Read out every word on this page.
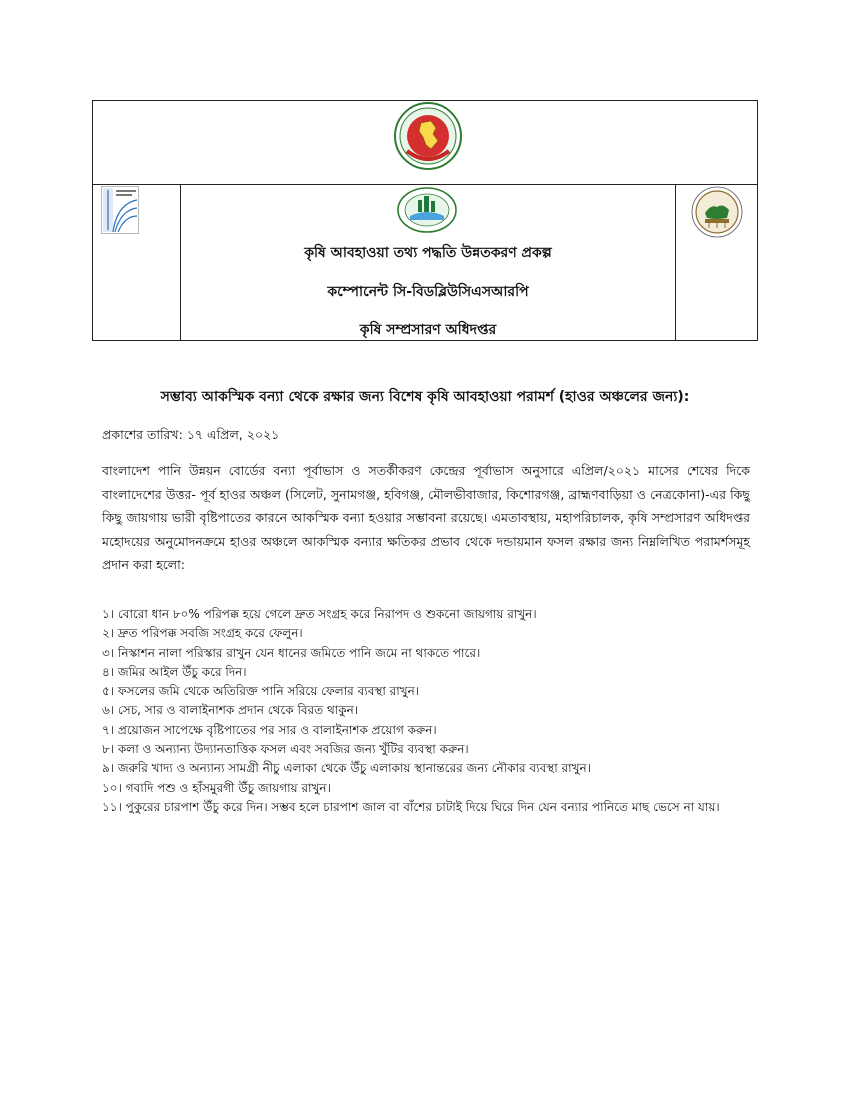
কৃষি আবহাওয়া তথ্য পদ্ধতি উন্নতকরণ প্রকল্প
কম্পোনেন্ট সি-বিডব্লিউসিএসআরপি
কৃষি সম্প্রসারণ অধিদপ্তর
সম্ভাব্য আকস্মিক বন্যা থেকে রক্ষার জন্য বিশেষ কৃষি আবহাওয়া পরামর্শ (হাওর অঞ্চলের জন্য):
প্রকাশের তারিখ: ১৭ এপ্রিল, ২০২১
বাংলাদেশ পানি উন্নয়ন বোর্ডের বন্যা পূর্বাভাস ও সতর্কীকরণ কেন্দ্রের পূর্বাভাস অনুসারে এপ্রিল/২০২১ মাসের শেষের দিকে বাংলাদেশের উত্তর- পূর্ব হাওর অঞ্চল (সিলেট, সুনামগঞ্জ, হবিগঞ্জ, মৌলভীবাজার, কিশোরগঞ্জ, ব্রাহ্মণবাড়িয়া ও নেত্রকোনা)-এর কিছু কিছু জায়গায় ভারী বৃষ্টিপাতের কারনে আকস্মিক বন্যা হওয়ার সম্ভাবনা রয়েছে। এমতাবস্থায়, মহাপরিচালক, কৃষি সম্প্রসারণ অধিদপ্তর মহোদয়ের অনুমোদনক্রমে হাওর অঞ্চলে আকস্মিক বন্যার ক্ষতিকর প্রভাব থেকে দন্ডায়মান ফসল রক্ষার জন্য নিম্নলিখিত পরামর্শসমূহ প্রদান করা হলো:
১। বোরো ধান ৮০% পরিপক্ক হয়ে গেলে দ্রুত সংগ্রহ করে নিরাপদ ও শুকনো জায়গায় রাখুন।
২। দ্রুত পরিপক্ক সবজি সংগ্রহ করে ফেলুন।
৩। নিস্কাশন নালা পরিস্কার রাখুন যেন ধানের জমিতে পানি জমে না থাকতে পারে।
৪। জমির আইল উঁচু করে দিন।
৫। ফসলের জমি থেকে অতিরিক্ত পানি সরিয়ে ফেলার ব্যবস্থা রাখুন।
৬। সেচ, সার ও বালাইনাশক প্রদান থেকে বিরত থাকুন।
৭। প্রয়োজন সাপেক্ষে বৃষ্টিপাতের পর সার ও বালাইনাশক প্রয়োগ করুন।
৮। কলা ও অন্যান্য উদ্যানতাত্তিক ফসল এবং সবজির জন্য খুঁটির ব্যবস্থা করুন।
৯। জরুরি খাদ্য ও অন্যান্য সামগ্রী নীচু এলাকা থেকে উঁচু এলাকায় স্থানান্তরের জন্য নৌকার ব্যবস্থা রাখুন।
১০। গবাদি পশু ও হাঁসমুরগী উঁচু জায়গায় রাখুন।
১১। পুকুরের চারপাশ উঁচু করে দিন। সম্ভব হলে চারপাশ জাল বা বাঁশের চাটাই দিয়ে ঘিরে দিন যেন বন্যার পানিতে মাছ ভেসে না যায়।
